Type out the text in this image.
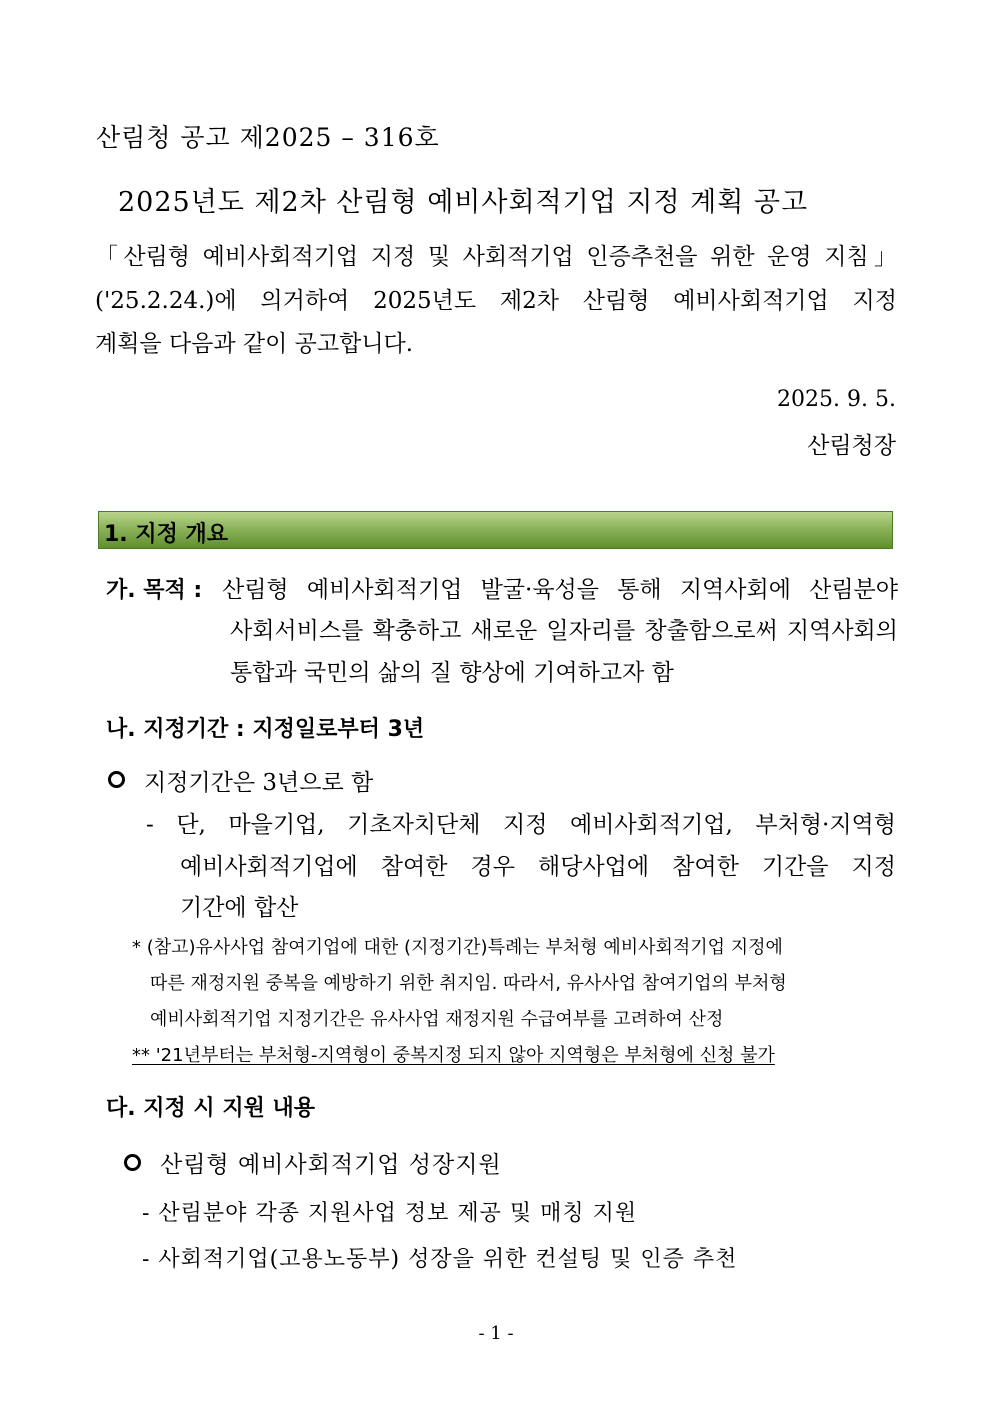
산림청 공고 제2025 – 316호
2025년도 제2차 산림형 예비사회적기업 지정 계획 공고
「산림형 예비사회적기업 지정 및 사회적기업 인증추천을 위한 운영 지침」
('25.2.24.)에 의거하여 2025년도 제2차 산림형 예비사회적기업 지정
계획을 다음과 같이 공고합니다.
2025. 9. 5.
산림청장
1. 지정 개요
가. 목적 : 산림형 예비사회적기업 발굴·육성을 통해 지역사회에 산림분야
사회서비스를 확충하고 새로운 일자리를 창출함으로써 지역사회의
통합과 국민의 삶의 질 향상에 기여하고자 함
나. 지정기간 : 지정일로부터 3년
지정기간은 3년으로 함
- 단, 마을기업, 기초자치단체 지정 예비사회적기업, 부처형·지역형
예비사회적기업에 참여한 경우 해당사업에 참여한 기간을 지정
기간에 합산
* (참고)유사사업 참여기업에 대한 (지정기간)특례는 부처형 예비사회적기업 지정에
따른 재정지원 중복을 예방하기 위한 취지임. 따라서, 유사사업 참여기업의 부처형
예비사회적기업 지정기간은 유사사업 재정지원 수급여부를 고려하여 산정
** '21년부터는 부처형-지역형이 중복지정 되지 않아 지역형은 부처형에 신청 불가
다. 지정 시 지원 내용
산림형 예비사회적기업 성장지원
- 산림분야 각종 지원사업 정보 제공 및 매칭 지원
- 사회적기업(고용노동부) 성장을 위한 컨설팅 및 인증 추천
- 1 -
